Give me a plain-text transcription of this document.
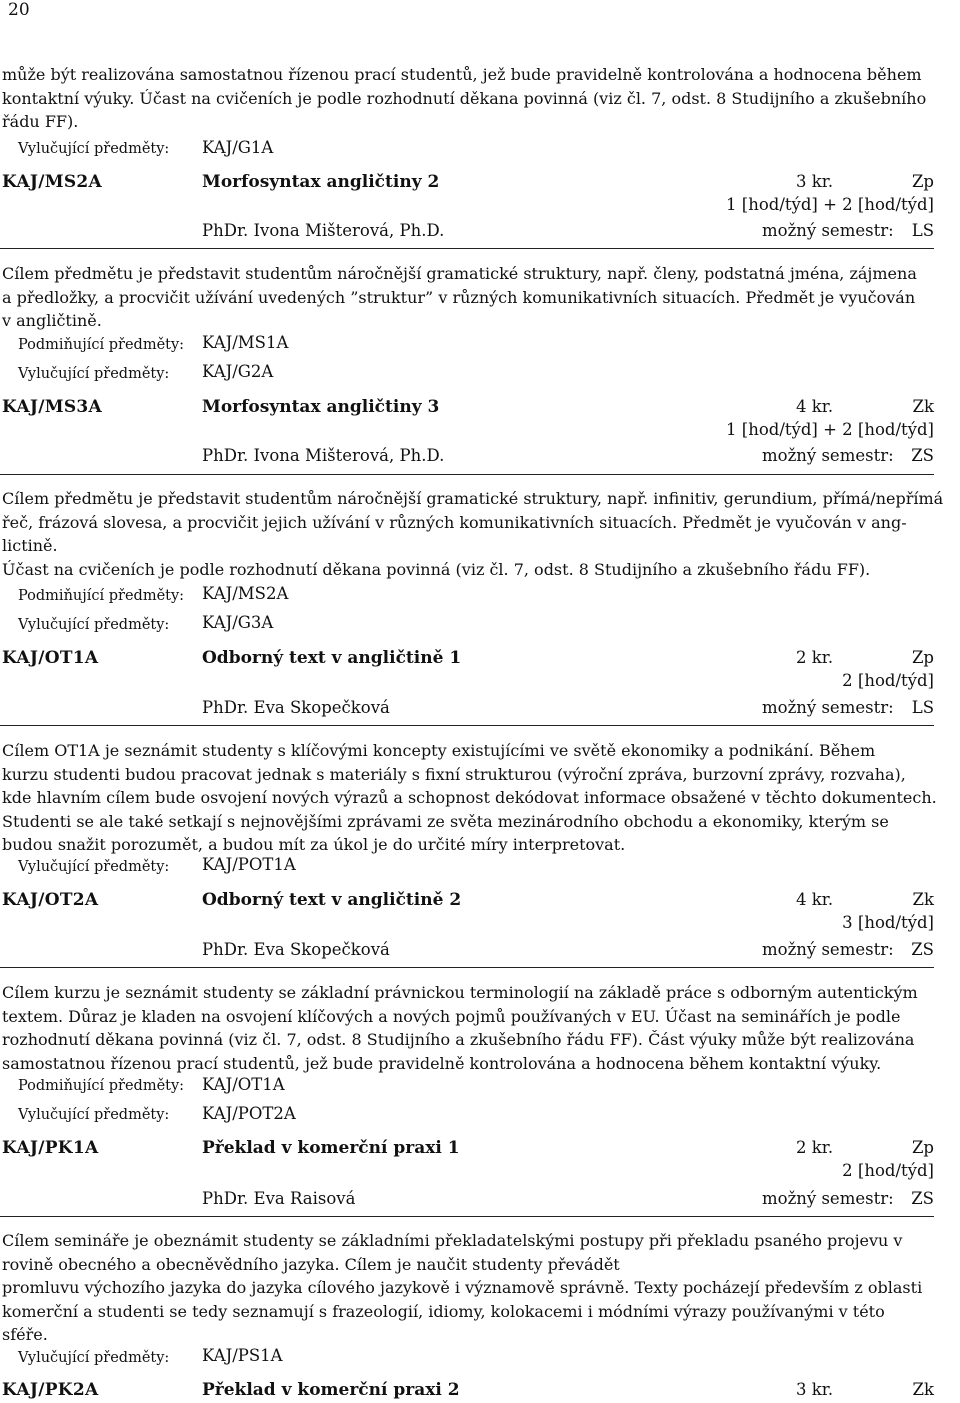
20

může být realizována samostatnou řízenou prací studentů, jež bude pravidelně kontrolována a hodnocena během
kontaktní výuky. Účast na cvičeních je podle rozhodnutí děkana povinná (viz čl. 7, odst. 8 Studijního a zkušebního
řádu FF).

Vylučující předměty: KAJ/G1A
KAJ/MS2A	Morfosyntax angličtiny 2	3 kr.	Zp
1 [hod/týd] + 2 [hod/týd]
PhDr. Ivona Mišterová, Ph.D.	možný semestr: LS

Cílem předmětu je představit studentům náročnější gramatické struktury, např. členy, podstatná jména, zájmena
a předložky, a procvičit užívání uvedených ”struktur” v různých komunikativních situacích. Předmět je vyučován
v angličtině.

Podmiňující předměty: KAJ/MS1A
Vylučující předměty: KAJ/G2A
KAJ/MS3A	Morfosyntax angličtiny 3	4 kr.	Zk
1 [hod/týd] + 2 [hod/týd]
PhDr. Ivona Mišterová, Ph.D.	možný semestr: ZS

Cílem předmětu je představit studentům náročnější gramatické struktury, např. infinitiv, gerundium, přímá/nepřímá
řeč, frázová slovesa, a procvičit jejich užívání v různých komunikativních situacích. Předmět je vyučován v ang-
lictině.
Účast na cvičeních je podle rozhodnutí děkana povinná (viz čl. 7, odst. 8 Studijního a zkušebního řádu FF).

Podmiňující předměty: KAJ/MS2A
Vylučující předměty: KAJ/G3A
KAJ/OT1A	Odborný text v angličtině 1	2 kr.	Zp
2 [hod/týd]
PhDr. Eva Skopečková	možný semestr: LS

Cílem OT1A je seznámit studenty s klíčovými koncepty existujícími ve světě ekonomiky a podnikání. Během
kurzu studenti budou pracovat jednak s materiály s fixní strukturou (výroční zpráva, burzovní zprávy, rozvaha),
kde hlavním cílem bude osvojení nových výrazů a schopnost dekódovat informace obsažené v těchto dokumentech.
Studenti se ale také setkají s nejnovějšími zprávami ze světa mezinárodního obchodu a ekonomiky, kterým se
budou snažit porozumět, a budou mít za úkol je do určité míry interpretovat.

Vylučující předměty: KAJ/POT1A
KAJ/OT2A	Odborný text v angličtině 2	4 kr.	Zk
3 [hod/týd]
PhDr. Eva Skopečková	možný semestr: ZS

Cílem kurzu je seznámit studenty se základní právnickou terminologií na základě práce s odborným autentickým
textem. Důraz je kladen na osvojení klíčových a nových pojmů používaných v EU. Účast na seminářích je podle
rozhodnutí děkana povinná (viz čl. 7, odst. 8 Studijního a zkušebního řádu FF). Část výuky může být realizována
samostatnou řízenou prací studentů, jež bude pravidelně kontrolována a hodnocena během kontaktní výuky.

Podmiňující předměty: KAJ/OT1A
Vylučující předměty: KAJ/POT2A
KAJ/PK1A	Překlad v komerční praxi 1	2 kr.	Zp
2 [hod/týd]
PhDr. Eva Raisová	možný semestr: ZS

Cílem semináře je obeznámit studenty se základními překladatelskými postupy při překladu psaného projevu v
rovině obecného a obecněvědního jazyka. Cílem je naučit studenty převádět
promluvu výchozího jazyka do jazyka cílového jazykově i významově správně. Texty pocházejí především z oblasti
komerční a studenti se tedy seznamují s frazeologií, idiomy, kolokacemi i módními výrazy používanými v této
sféře.

Vylučující předměty: KAJ/PS1A
KAJ/PK2A	Překlad v komerční praxi 2	3 kr.	Zk
